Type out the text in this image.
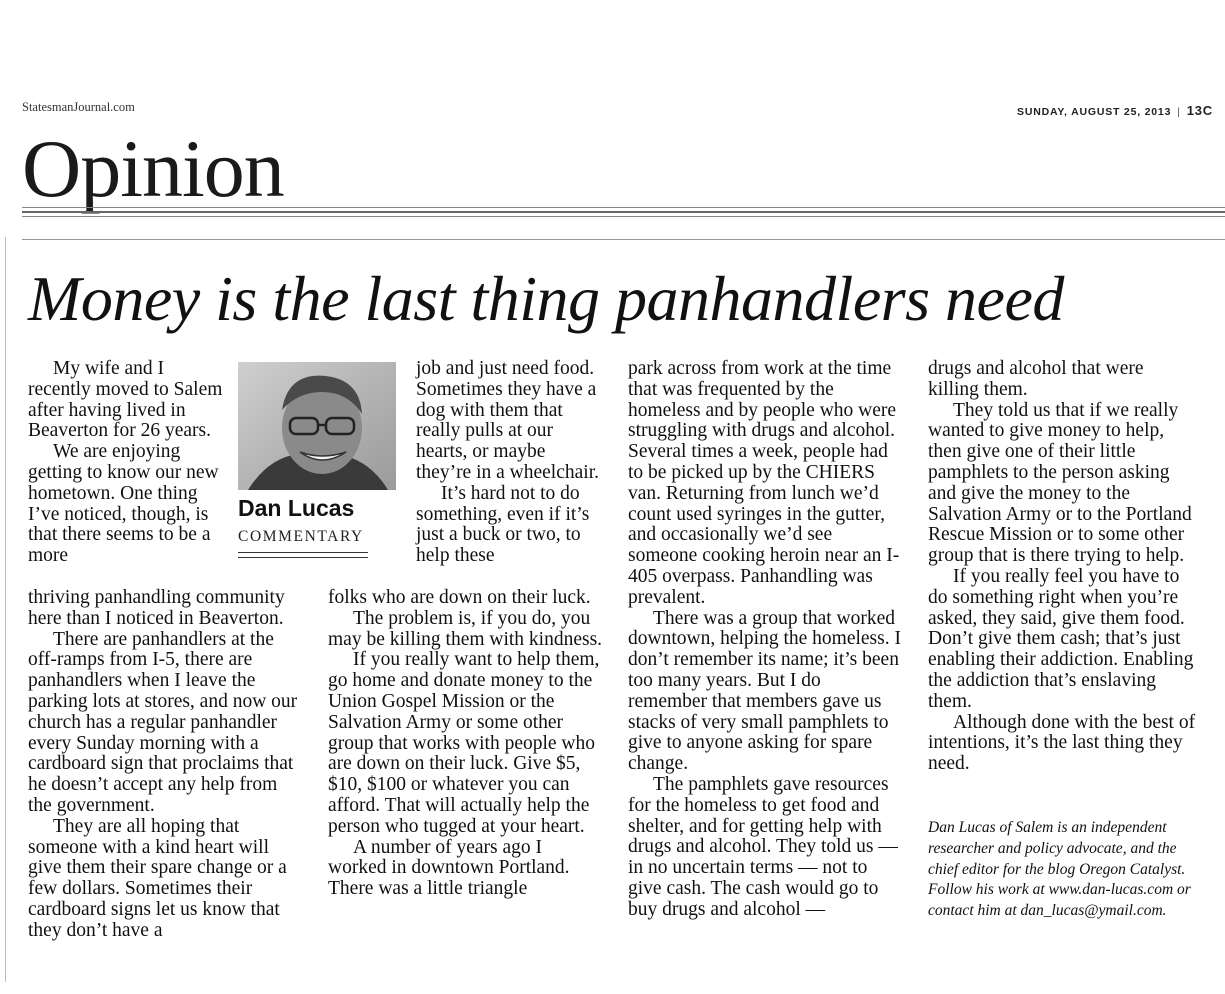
StatesmanJournal.com	SUNDAY, AUGUST 25, 2013 | 13C
Opinion
Money is the last thing panhandlers need
Dan Lucas
COMMENTARY

My wife and I recently moved to Salem after having lived in Beaverton for 26 years.

We are enjoying getting to know our new hometown. One thing I’ve noticed, though, is that there seems to be a more

thriving panhandling community here than I noticed in Beaverton.

There are panhandlers at the off-ramps from I-5, there are panhandlers when I leave the parking lots at stores, and now our church has a regular panhandler every Sunday morning with a cardboard sign that proclaims that he doesn’t accept any help from the government.

They are all hoping that someone with a kind heart will give them their spare change or a few dollars. Sometimes their cardboard signs let us know that they don’t have a

job and just need food. Sometimes they have a dog with them that really pulls at our hearts, or maybe they’re in a wheelchair.

It’s hard not to do something, even if it’s just a buck or two, to help these

folks who are down on their luck.

The problem is, if you do, you may be killing them with kindness.

If you really want to help them, go home and donate money to the Union Gospel Mission or the Salvation Army or some other group that works with people who are down on their luck. Give $5, $10, $100 or whatever you can afford. That will actually help the person who tugged at your heart.

A number of years ago I worked in downtown Portland. There was a little triangle

park across from work at the time that was frequented by the homeless and by people who were struggling with drugs and alcohol. Several times a week, people had to be picked up by the CHIERS van. Returning from lunch we’d count used syringes in the gutter, and occasionally we’d see someone cooking heroin near an I-405 overpass. Panhandling was prevalent.

There was a group that worked downtown, helping the homeless. I don’t remember its name; it’s been too many years. But I do remember that members gave us stacks of very small pamphlets to give to anyone asking for spare change.

The pamphlets gave resources for the homeless to get food and shelter, and for getting help with drugs and alcohol. They told us — in no uncertain terms — not to give cash. The cash would go to buy drugs and alcohol —

drugs and alcohol that were killing them.

They told us that if we really wanted to give money to help, then give one of their little pamphlets to the person asking and give the money to the Salvation Army or to the Portland Rescue Mission or to some other group that is there trying to help.

If you really feel you have to do something right when you’re asked, they said, give them food. Don’t give them cash; that’s just enabling their addiction. Enabling the addiction that’s enslaving them.

Although done with the best of intentions, it’s the last thing they need.

Dan Lucas of Salem is an independent researcher and policy advocate, and the chief editor for the blog Oregon Catalyst. Follow his work at www.dan-lucas.com or contact him at dan_lucas@ymail.com.
